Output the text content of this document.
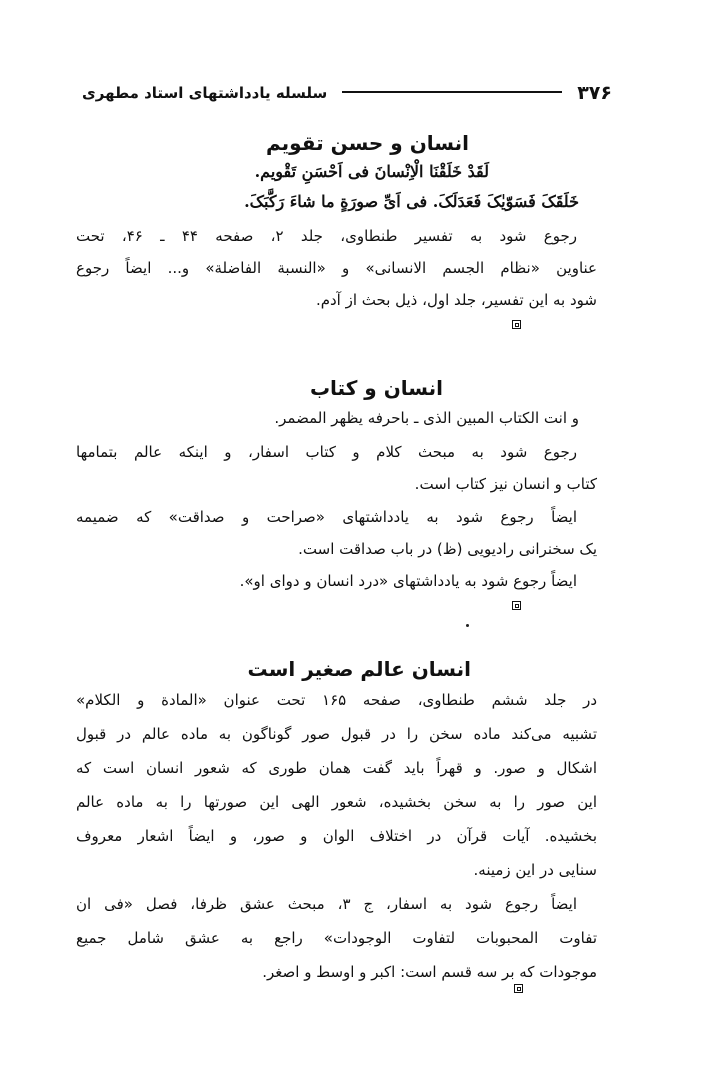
۳۷۶
سلسله یادداشتهای استاد مطهری
انسان و حسن تقویم
لَقَدْ خَلَقْنَا الْاِنْسانَ فی اَحْسَنِ تَقْویم.
خَلَقَکَ فَسَوّیٰکَ فَعَدَلَکَ. فی اَیِّ صورَةٍ ما شاءَ رَکَّبَکَ.
رجوع شود به تفسیر طنطاوی، جلد ۲، صفحه ۴۴ ـ ۴۶، تحت
عناوین «نظام الجسم الانسانی» و «النسبة الفاضلة» و... ایضاً رجوع
شود به این تفسیر، جلد اول، ذیل بحث از آدم.
انسان و کتاب
و انت الکتاب المبین الذی ـ باحرفه یظهر المضمر.
رجوع شود به مبحث کلام و کتاب اسفار، و اینکه عالم بتمامها
کتاب و انسان نیز کتاب است.
ایضاً رجوع شود به یادداشتهای «صراحت و صداقت» که ضمیمه
یک سخنرانی رادیویی (ظ) در باب صداقت است.
ایضاً رجوع شود به یادداشتهای «درد انسان و دوای او».
انسان عالم صغیر است
در جلد ششم طنطاوی، صفحه ۱۶۵ تحت عنوان «المادة و الکلام»
تشبیه می‌کند ماده سخن را در قبول صور گوناگون به ماده عالم در قبول
اشکال و صور. و قهراً باید گفت همان طوری که شعور انسان است که
این صور را به سخن بخشیده، شعور الهی این صورتها را به ماده عالم
بخشیده. آیات قرآن در اختلاف الوان و صور، و ایضاً اشعار معروف
سنایی در این زمینه.
ایضاً رجوع شود به اسفار، ج ۳، مبحث عشق ظرفا، فصل «فی ان
تفاوت المحبوبات لتفاوت الوجودات» راجع به عشق شامل جمیع
موجودات که بر سه قسم است: اکبر و اوسط و اصغر.
